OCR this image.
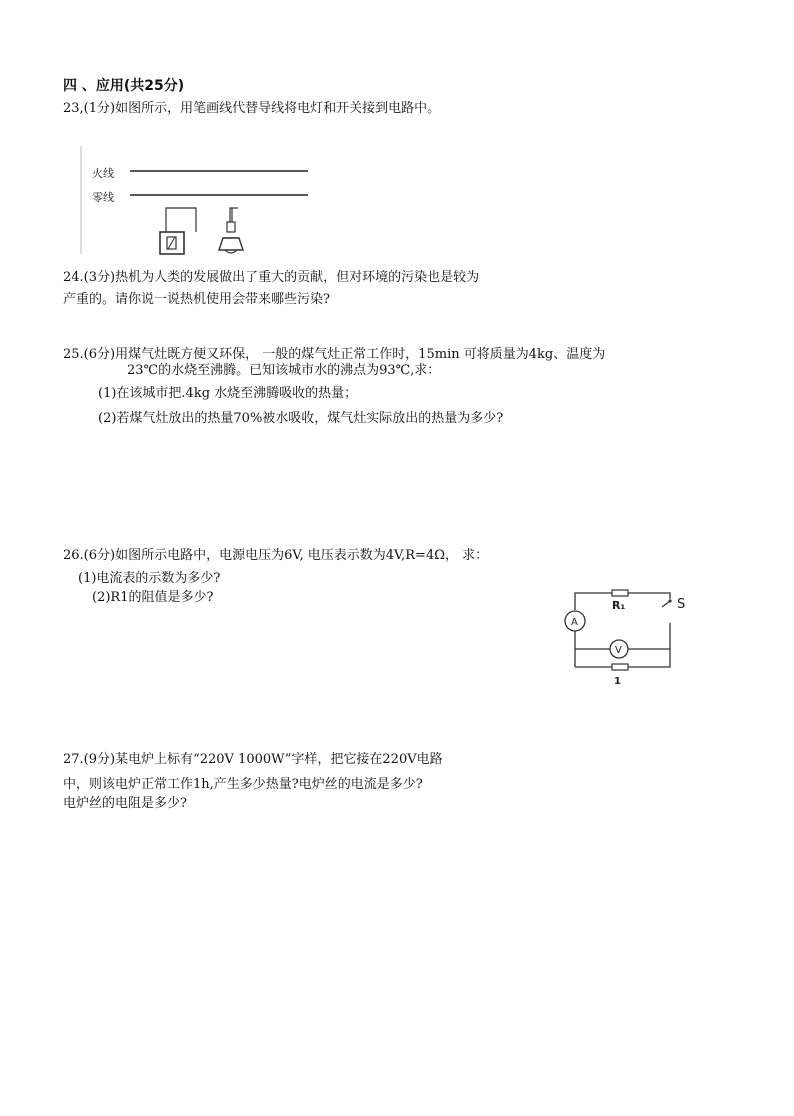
四 、应用(共25分)
23,(1分)如图所示，用笔画线代替导线将电灯和开关接到电路中。
火线
零线
24.(3分)热机为人类的发展做出了重大的贡献，但对环境的污染也是较为
产重的。请你说一说热机使用会带来哪些污染?
25.(6分)用煤气灶既方便又环保， 一般的煤气灶正常工作时，15min 可将质量为4kg、温度为
23℃的水烧至沸腾。已知该城市水的沸点为93℃,求：
(1)在该城市把.4kg 水烧至沸腾吸收的热量；
(2)若煤气灶放出的热量70%被水吸收，煤气灶实际放出的热量为多少?
26.(6分)如图所示电路中，电源电压为6V, 电压表示数为4V,R=4Ω， 求：
(1)电流表的示数为多少?
(2)R1的阻值是多少?
R₁	S
A
V
1
27.(9分)某电炉上标有“220V 1000W”字样，把它接在220V电路
中，则该电炉正常工作1h,产生多少热量?电炉丝的电流是多少?
电炉丝的电阻是多少?
